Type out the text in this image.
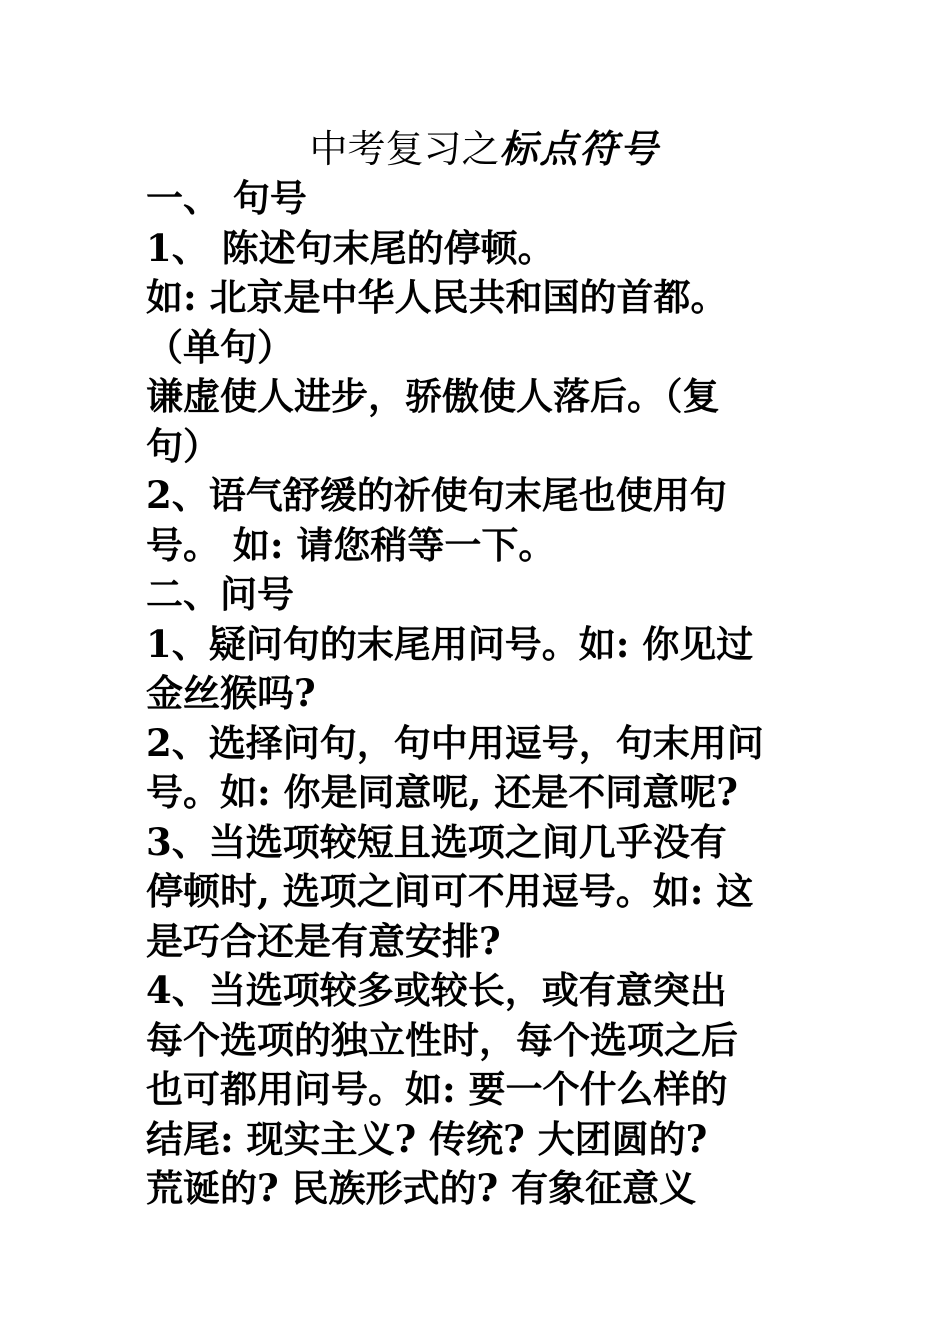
中考复习之标点符号
一、 句号
1、 陈述句末尾的停顿。
如: 北京是中华人民共和国的首都。
（单句）
谦虚使人进步，骄傲使人落后。（复
句）
2、语气舒缓的祈使句末尾也使用句
号。 如: 请您稍等一下。
二、问号
1、疑问句的末尾用问号。如: 你见过
金丝猴吗?
2、选择问句，句中用逗号，句末用问
号。如: 你是同意呢, 还是不同意呢?
3、当选项较短且选项之间几乎没有
停顿时, 选项之间可不用逗号。如: 这
是巧合还是有意安排?
4、当选项较多或较长，或有意突出
每个选项的独立性时，每个选项之后
也可都用问号。如: 要一个什么样的
结尾: 现实主义? 传统? 大团圆的?
荒诞的? 民族形式的? 有象征意义
